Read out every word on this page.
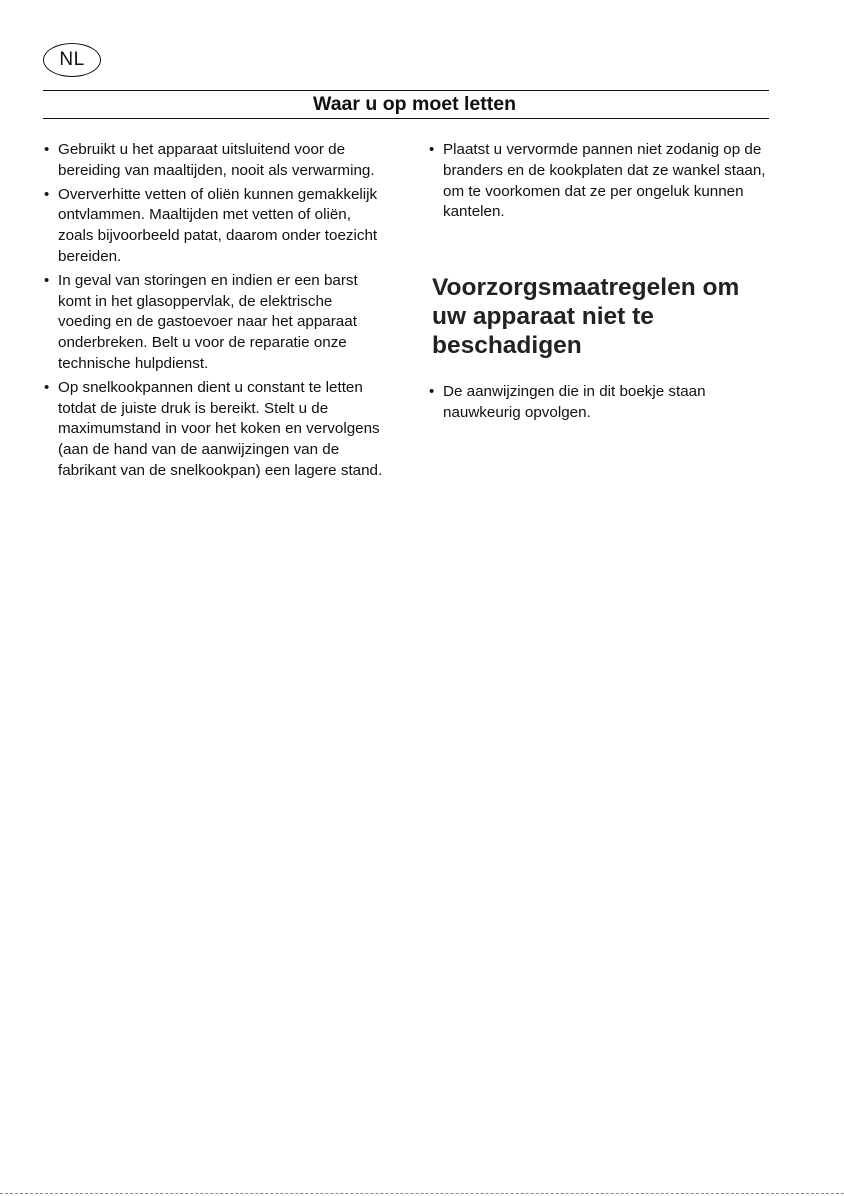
NL
Waar u op moet letten
• Gebruikt u het apparaat uitsluitend voor de bereiding van maaltijden, nooit als verwarming.
• Oververhitte vetten of oliën kunnen gemakkelijk ontvlammen. Maaltijden met vetten of oliën, zoals bijvoorbeeld patat, daarom onder toezicht bereiden.
• In geval van storingen en indien er een barst komt in het glasoppervlak, de elektrische voeding en de gastoevoer naar het apparaat onderbreken. Belt u voor de reparatie onze technische hulpdienst.
• Op snelkookpannen dient u constant te letten totdat de juiste druk is bereikt. Stelt u de maximumstand in voor het koken en vervolgens (aan de hand van de aanwijzingen van de fabrikant van de snelkookpan) een lagere stand.
• Plaatst u vervormde pannen niet zodanig op de branders en de kookplaten dat ze wankel staan, om te voorkomen dat ze per ongeluk kunnen kantelen.
Voorzorgsmaatregelen om uw apparaat niet te beschadigen
• De aanwijzingen die in dit boekje staan nauwkeurig opvolgen.
